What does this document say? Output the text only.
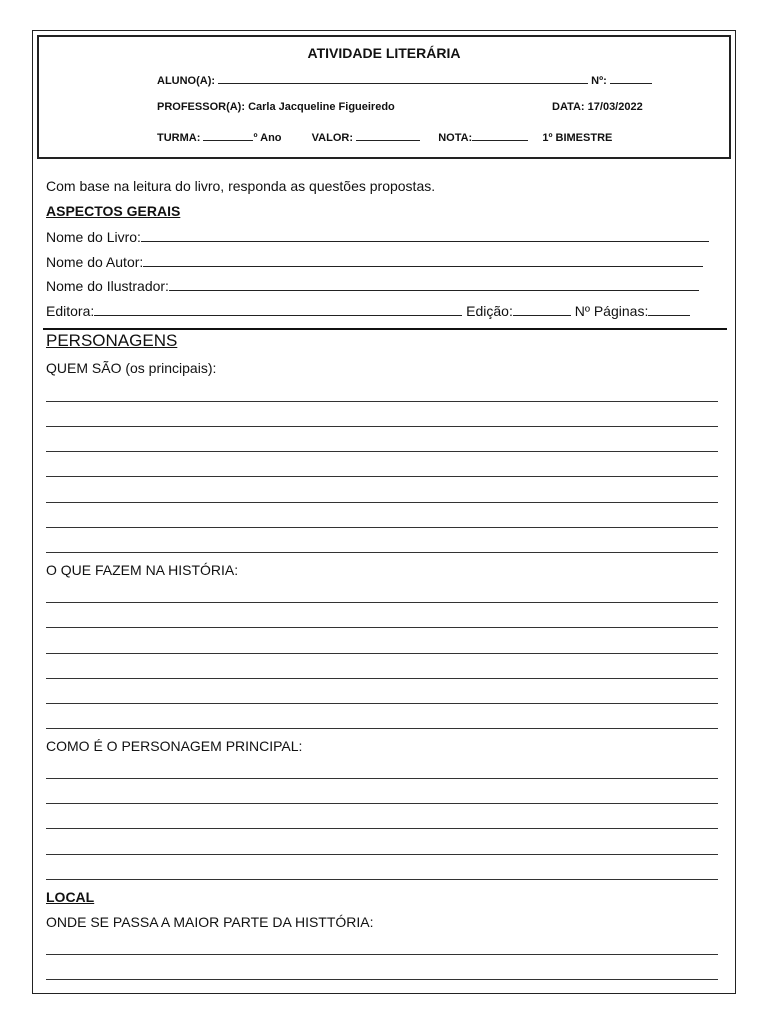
ATIVIDADE LITERÁRIA
ALUNO(A):	Nº:
PROFESSOR(A): Carla Jacqueline Figueiredo	DATA: 17/03/2022
TURMA:	º Ano	VALOR:	NOTA:	1º BIMESTRE
Com base na leitura do livro, responda as questões propostas.
ASPECTOS GERAIS
Nome do Livro:
Nome do Autor:
Nome do Ilustrador:
Editora:	Edição:	Nº Páginas:
PERSONAGENS
QUEM SÃO (os principais):
O QUE FAZEM NA HISTÓRIA:
COMO É O PERSONAGEM PRINCIPAL:
LOCAL
ONDE SE PASSA A MAIOR PARTE DA HISTTÓRIA:
